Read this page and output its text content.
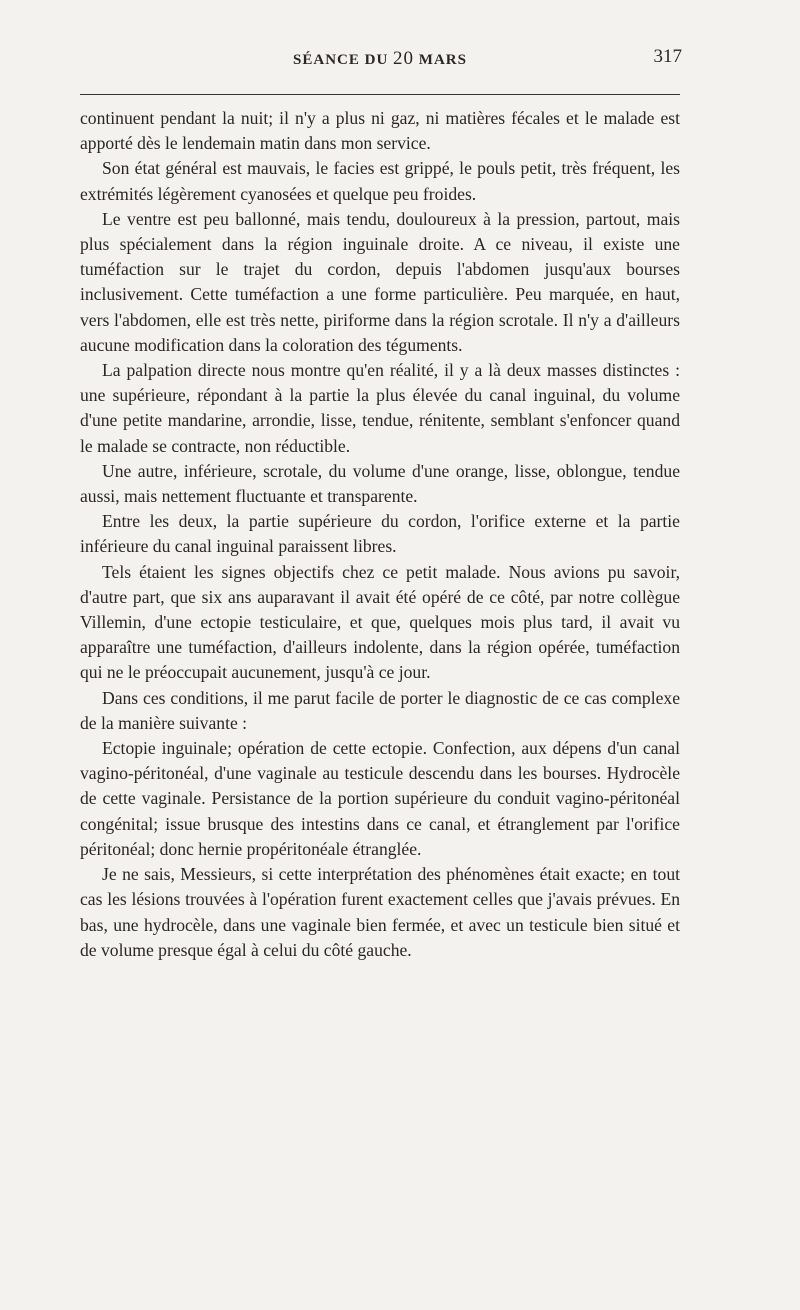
SÉANCE DU 20 MARS	317

continuent pendant la nuit; il n'y a plus ni gaz, ni matières fécales et le malade est apporté dès le lendemain matin dans mon service.

Son état général est mauvais, le facies est grippé, le pouls petit, très fréquent, les extrémités légèrement cyanosées et quelque peu froides.

Le ventre est peu ballonné, mais tendu, douloureux à la pression, partout, mais plus spécialement dans la région inguinale droite. A ce niveau, il existe une tuméfaction sur le trajet du cordon, depuis l'abdomen jusqu'aux bourses inclusivement. Cette tuméfaction a une forme particulière. Peu marquée, en haut, vers l'abdomen, elle est très nette, piriforme dans la région scrotale. Il n'y a d'ailleurs aucune modification dans la coloration des téguments.

La palpation directe nous montre qu'en réalité, il y a là deux masses distinctes : une supérieure, répondant à la partie la plus élevée du canal inguinal, du volume d'une petite mandarine, arrondie, lisse, tendue, rénitente, semblant s'enfoncer quand le malade se contracte, non réductible.

Une autre, inférieure, scrotale, du volume d'une orange, lisse, oblongue, tendue aussi, mais nettement fluctuante et transparente.

Entre les deux, la partie supérieure du cordon, l'orifice externe et la partie inférieure du canal inguinal paraissent libres.

Tels étaient les signes objectifs chez ce petit malade. Nous avions pu savoir, d'autre part, que six ans auparavant il avait été opéré de ce côté, par notre collègue Villemin, d'une ectopie testiculaire, et que, quelques mois plus tard, il avait vu apparaître une tuméfaction, d'ailleurs indolente, dans la région opérée, tuméfaction qui ne le préoccupait aucunement, jusqu'à ce jour.

Dans ces conditions, il me parut facile de porter le diagnostic de ce cas complexe de la manière suivante :

Ectopie inguinale; opération de cette ectopie. Confection, aux dépens d'un canal vagino-péritonéal, d'une vaginale au testicule descendu dans les bourses. Hydrocèle de cette vaginale. Persistance de la portion supérieure du conduit vagino-péritonéal congénital; issue brusque des intestins dans ce canal, et étranglement par l'orifice péritonéal; donc hernie propéritonéale étranglée.

Je ne sais, Messieurs, si cette interprétation des phénomènes était exacte; en tout cas les lésions trouvées à l'opération furent exactement celles que j'avais prévues. En bas, une hydrocèle, dans une vaginale bien fermée, et avec un testicule bien situé et de volume presque égal à celui du côté gauche.
